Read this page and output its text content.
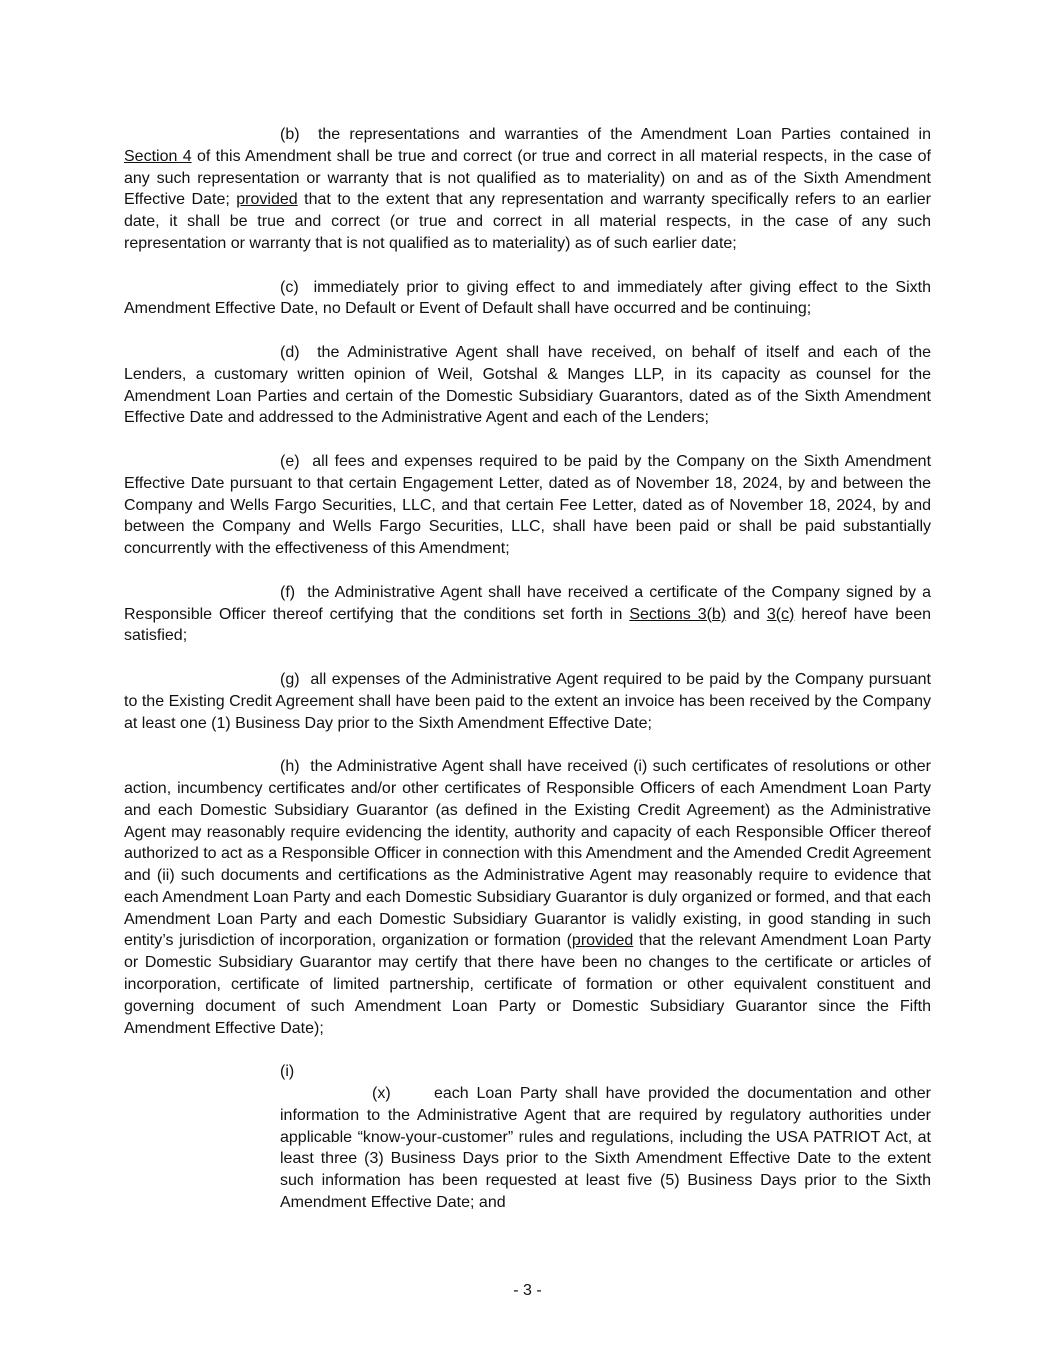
(b) the representations and warranties of the Amendment Loan Parties contained in Section 4 of this Amendment shall be true and correct (or true and correct in all material respects, in the case of any such representation or warranty that is not qualified as to materiality) on and as of the Sixth Amendment Effective Date; provided that to the extent that any representation and warranty specifically refers to an earlier date, it shall be true and correct (or true and correct in all material respects, in the case of any such representation or warranty that is not qualified as to materiality) as of such earlier date;

(c) immediately prior to giving effect to and immediately after giving effect to the Sixth Amendment Effective Date, no Default or Event of Default shall have occurred and be continuing;

(d) the Administrative Agent shall have received, on behalf of itself and each of the Lenders, a customary written opinion of Weil, Gotshal & Manges LLP, in its capacity as counsel for the Amendment Loan Parties and certain of the Domestic Subsidiary Guarantors, dated as of the Sixth Amendment Effective Date and addressed to the Administrative Agent and each of the Lenders;

(e) all fees and expenses required to be paid by the Company on the Sixth Amendment Effective Date pursuant to that certain Engagement Letter, dated as of November 18, 2024, by and between the Company and Wells Fargo Securities, LLC, and that certain Fee Letter, dated as of November 18, 2024, by and between the Company and Wells Fargo Securities, LLC, shall have been paid or shall be paid substantially concurrently with the effectiveness of this Amendment;

(f) the Administrative Agent shall have received a certificate of the Company signed by a Responsible Officer thereof certifying that the conditions set forth in Sections 3(b) and 3(c) hereof have been satisfied;

(g) all expenses of the Administrative Agent required to be paid by the Company pursuant to the Existing Credit Agreement shall have been paid to the extent an invoice has been received by the Company at least one (1) Business Day prior to the Sixth Amendment Effective Date;

(h) the Administrative Agent shall have received (i) such certificates of resolutions or other action, incumbency certificates and/or other certificates of Responsible Officers of each Amendment Loan Party and each Domestic Subsidiary Guarantor (as defined in the Existing Credit Agreement) as the Administrative Agent may reasonably require evidencing the identity, authority and capacity of each Responsible Officer thereof authorized to act as a Responsible Officer in connection with this Amendment and the Amended Credit Agreement and (ii) such documents and certifications as the Administrative Agent may reasonably require to evidence that each Amendment Loan Party and each Domestic Subsidiary Guarantor is duly organized or formed, and that each Amendment Loan Party and each Domestic Subsidiary Guarantor is validly existing, in good standing in such entity’s jurisdiction of incorporation, organization or formation (provided that the relevant Amendment Loan Party or Domestic Subsidiary Guarantor may certify that there have been no changes to the certificate or articles of incorporation, certificate of limited partnership, certificate of formation or other equivalent constituent and governing document of such Amendment Loan Party or Domestic Subsidiary Guarantor since the Fifth Amendment Effective Date);

(i)

(x)	each Loan Party shall have provided the documentation and other information to the Administrative Agent that are required by regulatory authorities under applicable “know-your-customer” rules and regulations, including the USA PATRIOT Act, at least three (3) Business Days prior to the Sixth Amendment Effective Date to the extent such information has been requested at least five (5) Business Days prior to the Sixth Amendment Effective Date; and

- 3 -
